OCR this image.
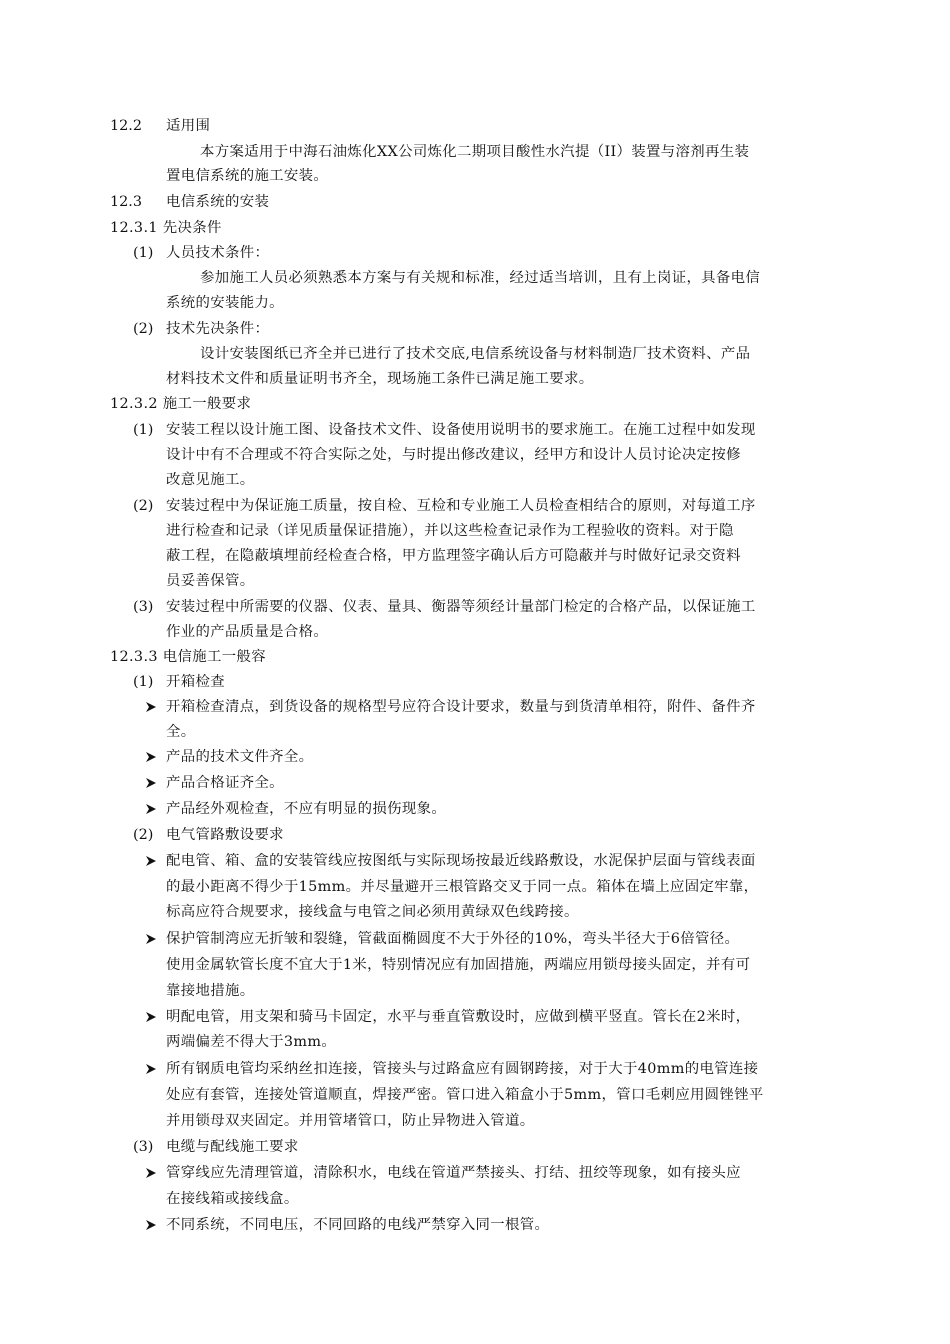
12.2 适用围
本方案适用于中海石油炼化XX公司炼化二期项目酸性水汽提（II）装置与溶剂再生装
置电信系统的施工安装。
12.3 电信系统的安装
12.3.1 先决条件
(1) 人员技术条件：
参加施工人员必须熟悉本方案与有关规和标准，经过适当培训，且有上岗证，具备电信
系统的安装能力。
(2) 技术先决条件：
设计安装图纸已齐全并已进行了技术交底,电信系统设备与材料制造厂技术资料、产品
材料技术文件和质量证明书齐全，现场施工条件已满足施工要求。
12.3.2 施工一般要求
(1) 安装工程以设计施工图、设备技术文件、设备使用说明书的要求施工。在施工过程中如发现
设计中有不合理或不符合实际之处，与时提出修改建议，经甲方和设计人员讨论决定按修
改意见施工。
(2) 安装过程中为保证施工质量，按自检、互检和专业施工人员检查相结合的原则，对每道工序
进行检查和记录（详见质量保证措施），并以这些检查记录作为工程验收的资料。对于隐
蔽工程，在隐蔽填埋前经检查合格，甲方监理签字确认后方可隐蔽并与时做好记录交资料
员妥善保管。
(3) 安装过程中所需要的仪器、仪表、量具、衡器等须经计量部门检定的合格产品，以保证施工
作业的产品质量是合格。
12.3.3 电信施工一般容
(1) 开箱检查
开箱检查清点，到货设备的规格型号应符合设计要求，数量与到货清单相符，附件、备件齐
全。
产品的技术文件齐全。
产品合格证齐全。
产品经外观检查，不应有明显的损伤现象。
(2) 电气管路敷设要求
配电管、箱、盒的安装管线应按图纸与实际现场按最近线路敷设，水泥保护层面与管线表面
的最小距离不得少于15mm。并尽量避开三根管路交叉于同一点。箱体在墙上应固定牢靠，
标高应符合规要求，接线盒与电管之间必须用黄绿双色线跨接。
保护管制湾应无折皱和裂缝，管截面椭圆度不大于外径的10%，弯头半径大于6倍管径。
使用金属软管长度不宜大于1米，特别情况应有加固措施，两端应用锁母接头固定，并有可
靠接地措施。
明配电管，用支架和骑马卡固定，水平与垂直管敷设时，应做到横平竖直。管长在2米时，
两端偏差不得大于3mm。
所有钢质电管均采纳丝扣连接，管接头与过路盒应有圆钢跨接，对于大于40mm的电管连接
处应有套管，连接处管道顺直，焊接严密。管口进入箱盒小于5mm，管口毛刺应用圆锉锉平
并用锁母双夹固定。并用管堵管口，防止异物进入管道。
(3) 电缆与配线施工要求
管穿线应先清理管道，清除积水，电线在管道严禁接头、打结、扭绞等现象，如有接头应
在接线箱或接线盒。
不同系统，不同电压，不同回路的电线严禁穿入同一根管。
